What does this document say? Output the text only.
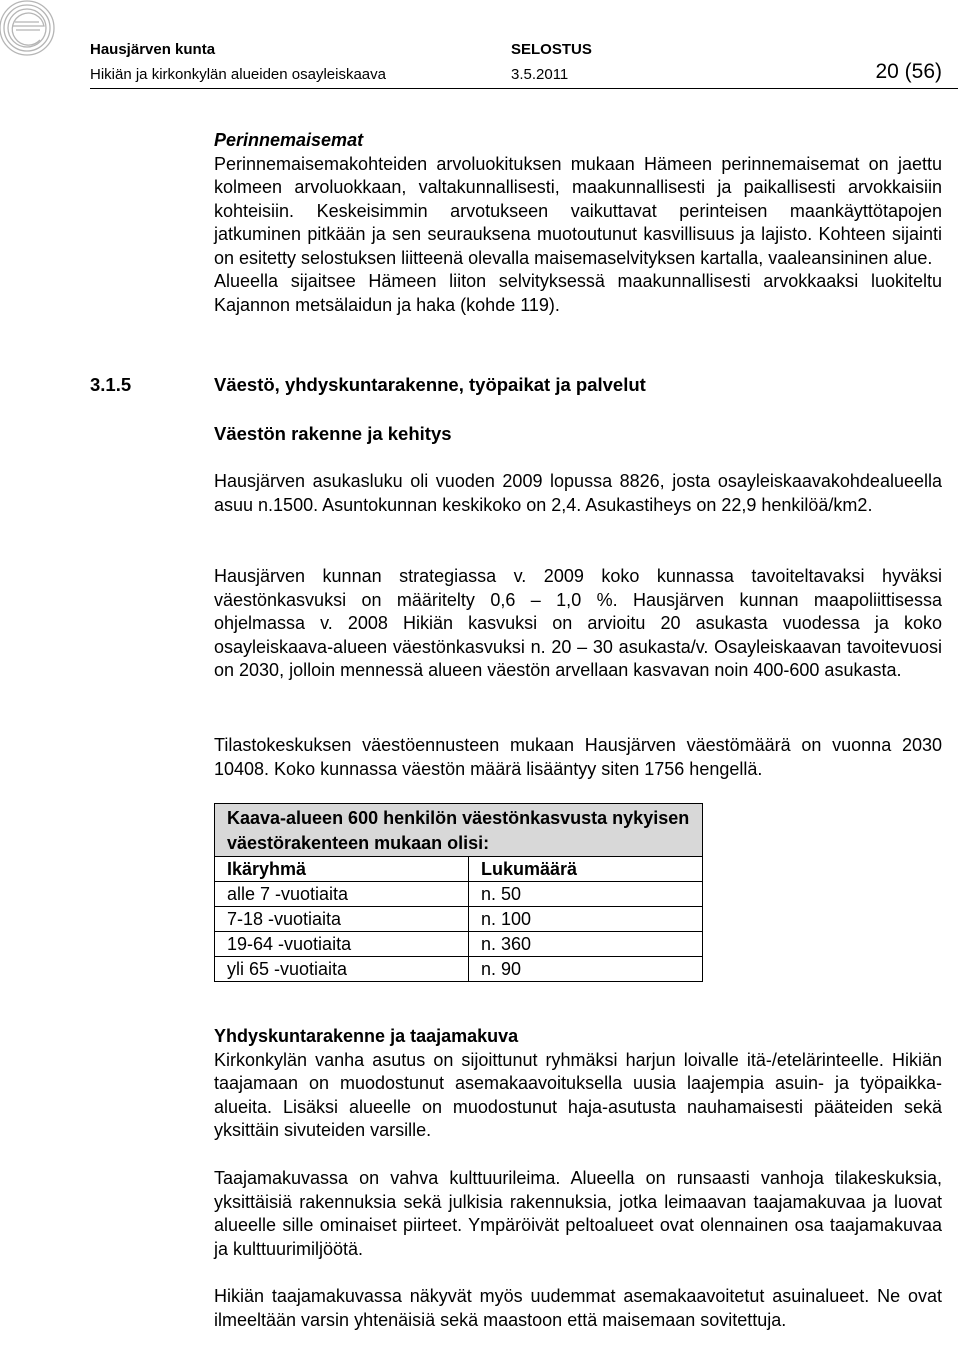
Hausjärven kunta	SELOSTUS
Hikiän ja kirkonkylän alueiden osayleiskaava	3.5.2011	20 (56)

Perinnemaisemat

Perinnemaisemakohteiden arvoluokituksen mukaan Hämeen perinnemaisemat on jaettu kolmeen arvoluokkaan, valtakunnallisesti, maakunnallisesti ja paikallisesti arvokkaisiin kohteisiin. Keskeisimmin arvotukseen vaikuttavat perinteisen maankäyttötapojen jatkuminen pitkään ja sen seurauksena muotoutunut kasvillisuus ja lajisto. Kohteen sijainti on esitetty selostuksen liitteenä olevalla maisemaselvityksen kartalla, vaaleansininen alue.

Alueella sijaitsee Hämeen liiton selvityksessä maakunnallisesti arvokkaaksi luokiteltu Kajannon metsälaidun ja haka (kohde 119).

3.1.5	Väestö, yhdyskuntarakenne, työpaikat ja palvelut

Väestön rakenne ja kehitys

Hausjärven asukasluku oli vuoden 2009 lopussa 8826, josta osayleiskaavakohdealueella asuu n.1500. Asuntokunnan keskikoko on 2,4. Asukastiheys on 22,9 henkilöä/km2.

Hausjärven kunnan strategiassa v. 2009 koko kunnassa tavoiteltavaksi hyväksi väestönkasvuksi on määritelty 0,6 – 1,0 %. Hausjärven kunnan maapoliittisessa ohjelmassa v. 2008 Hikiän kasvuksi on arvioitu 20 asukasta vuodessa ja koko osayleiskaava-alueen väestönkasvuksi n. 20 – 30 asukasta/v. Osayleiskaavan tavoitevuosi on 2030, jolloin mennessä alueen väestön arvellaan kasvavan noin 400-600 asukasta.

Tilastokeskuksen väestöennusteen mukaan Hausjärven väestömäärä on vuonna 2030 10408. Koko kunnassa väestön määrä lisääntyy siten 1756 hengellä.

Kaava-alueen 600 henkilön väestönkasvusta nykyisen väestörakenteen mukaan olisi:	
Ikäryhmä	Lukumäärä
alle 7 -vuotiaita	n. 50
7-18 -vuotiaita	n. 100
19-64 -vuotiaita	n. 360
yli 65 -vuotiaita	n. 90

Yhdyskuntarakenne ja taajamakuva

Kirkonkylän vanha asutus on sijoittunut ryhmäksi harjun loivalle itä-/etelärinteelle. Hikiän taajamaan on muodostunut asemakaavoituksella uusia laajempia asuin- ja työpaikka-alueita. Lisäksi alueelle on muodostunut haja-asutusta nauhamaisesti pääteiden sekä yksittäin sivuteiden varsille.

Taajamakuvassa on vahva kulttuurileima. Alueella on runsaasti vanhoja tilakeskuksia, yksittäisiä rakennuksia sekä julkisia rakennuksia, jotka leimaavan taajamakuvaa ja luovat alueelle sille ominaiset piirteet. Ympäröivät peltoalueet ovat olennainen osa taajamakuvaa ja kulttuurimiljöötä.

Hikiän taajamakuvassa näkyvät myös uudemmat asemakaavoitetut asuinalueet. Ne ovat ilmeeltään varsin yhtenäisiä sekä maastoon että maisemaan sovitettuja.
